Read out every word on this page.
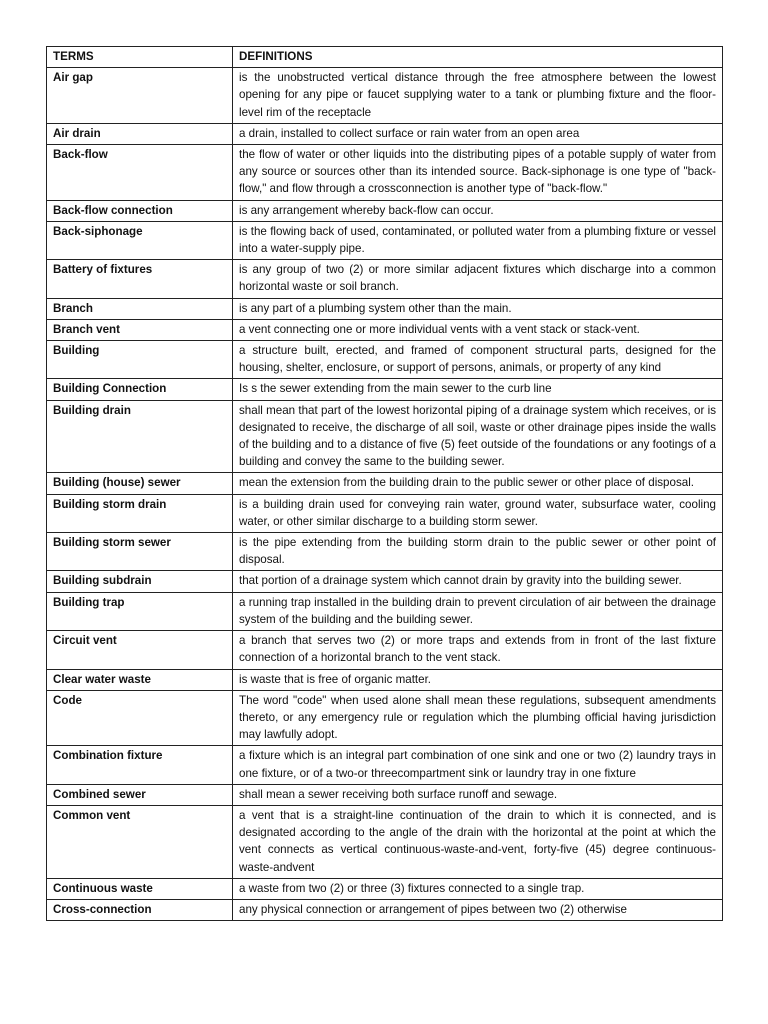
TERMS	DEFINITIONS
Air gap	is the unobstructed vertical distance through the free atmosphere between the lowest opening for any pipe or faucet supplying water to a tank or plumbing fixture and the floor-level rim of the receptacle
Air drain	a drain, installed to collect surface or rain water from an open area
Back-flow	the flow of water or other liquids into the distributing pipes of a potable supply of water from any source or sources other than its intended source. Back-siphonage is one type of "back-flow," and flow through a crossconnection is another type of "back-flow."
Back-flow connection	is any arrangement whereby back-flow can occur.
Back-siphonage	is the flowing back of used, contaminated, or polluted water from a plumbing fixture or vessel into a water-supply pipe.
Battery of fixtures	is any group of two (2) or more similar adjacent fixtures which discharge into a common horizontal waste or soil branch.
Branch	is any part of a plumbing system other than the main.
Branch vent	a vent connecting one or more individual vents with a vent stack or stack-vent.
Building	a structure built, erected, and framed of component structural parts, designed for the housing, shelter, enclosure, or support of persons, animals, or property of any kind
Building Connection	Is s the sewer extending from the main sewer to the curb line
Building drain	shall mean that part of the lowest horizontal piping of a drainage system which receives, or is designated to receive, the discharge of all soil, waste or other drainage pipes inside the walls of the building and to a distance of five (5) feet outside of the foundations or any footings of a building and convey the same to the building sewer.
Building (house) sewer	mean the extension from the building drain to the public sewer or other place of disposal.
Building storm drain	is a building drain used for conveying rain water, ground water, subsurface water, cooling water, or other similar discharge to a building storm sewer.
Building storm sewer	is the pipe extending from the building storm drain to the public sewer or other point of disposal.
Building subdrain	that portion of a drainage system which cannot drain by gravity into the building sewer.
Building trap	a running trap installed in the building drain to prevent circulation of air between the drainage system of the building and the building sewer.
Circuit vent	a branch that serves two (2) or more traps and extends from in front of the last fixture connection of a horizontal branch to the vent stack.
Clear water waste	is waste that is free of organic matter.
Code	The word "code" when used alone shall mean these regulations, subsequent amendments thereto, or any emergency rule or regulation which the plumbing official having jurisdiction may lawfully adopt.
Combination fixture	a fixture which is an integral part combination of one sink and one or two (2) laundry trays in one fixture, or of a two-or threecompartment sink or laundry tray in one fixture
Combined sewer	shall mean a sewer receiving both surface runoff and sewage.
Common vent	a vent that is a straight-line continuation of the drain to which it is connected, and is designated according to the angle of the drain with the horizontal at the point at which the vent connects as vertical continuous-waste-and-vent, forty-five (45) degree continuous-waste-andvent
Continuous waste	a waste from two (2) or three (3) fixtures connected to a single trap.
Cross-connection	any physical connection or arrangement of pipes between two (2) otherwise
